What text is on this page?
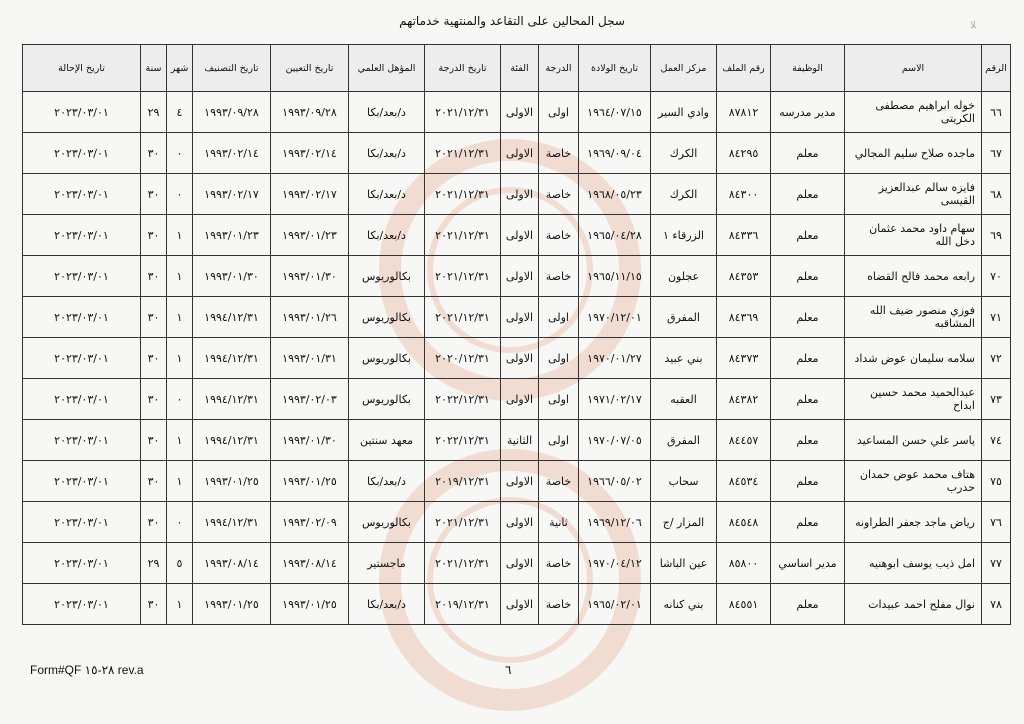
سجل المحالين على التقاعد والمنتهية خدماتهم	ﻼ
الرقم	الاسم	الوظيفة	رقم الملف	مركز العمل	تاريخ الولادة	الدرجة	الفئة	تاريخ الدرجة	المؤهل العلمي	تاريخ التعيين	تاريخ التصنيف	شهر	سنة	تاريخ الإحالة
٦٦	خوله ابراهيم مصطفى الكريتى	مدير مدرسه	٨٧٨١٢	وادي السير	١٩٦٤/٠٧/١٥	اولى	الاولى	٢٠٢١/١٢/٣١	د/بعد/بكا	١٩٩٣/٠٩/٢٨	١٩٩٣/٠٩/٢٨	٤	٢٩	٢٠٢٣/٠٣/٠١
٦٧	ماجده صلاح سليم المجالي	معلم	٨٤٢٩٥	الكرك	١٩٦٩/٠٩/٠٤	خاصة	الاولى	٢٠٢١/١٢/٣١	د/بعد/بكا	١٩٩٣/٠٢/١٤	١٩٩٣/٠٢/١٤	٠	٣٠	٢٠٢٣/٠٣/٠١
٦٨	فايزه سالم عبدالعزيز القيسى	معلم	٨٤٣٠٠	الكرك	١٩٦٨/٠٥/٢٣	خاصة	الاولى	٢٠٢١/١٢/٣١	د/بعد/بكا	١٩٩٣/٠٢/١٧	١٩٩٣/٠٢/١٧	٠	٣٠	٢٠٢٣/٠٣/٠١
٦٩	سهام داود محمد عثمان دخل الله	معلم	٨٤٣٣٦	الزرقاء ١	١٩٦٥/٠٤/٢٨	خاصة	الاولى	٢٠٢١/١٢/٣١	د/بعد/بكا	١٩٩٣/٠١/٢٣	١٩٩٣/٠١/٢٣	١	٣٠	٢٠٢٣/٠٣/٠١
٧٠	رابعه محمد فالح القضاه	معلم	٨٤٣٥٣	عجلون	١٩٦٥/١١/١٥	خاصة	الاولى	٢٠٢١/١٢/٣١	بكالوريوس	١٩٩٣/٠١/٣٠	١٩٩٣/٠١/٣٠	١	٣٠	٢٠٢٣/٠٣/٠١
٧١	فوزي منصور ضيف الله المشاقبه	معلم	٨٤٣٦٩	المفرق	١٩٧٠/١٢/٠١	اولى	الاولى	٢٠٢١/١٢/٣١	بكالوريوس	١٩٩٣/٠١/٢٦	١٩٩٤/١٢/٣١	١	٣٠	٢٠٢٣/٠٣/٠١
٧٢	سلامه سليمان عوض شداد	معلم	٨٤٣٧٣	بني عبيد	١٩٧٠/٠١/٢٧	اولى	الاولى	٢٠٢٠/١٢/٣١	بكالوريوس	١٩٩٣/٠١/٣١	١٩٩٤/١٢/٣١	١	٣٠	٢٠٢٣/٠٣/٠١
٧٣	عبدالحميد محمد حسين ابداح	معلم	٨٤٣٨٢	العقبه	١٩٧١/٠٢/١٧	اولى	الاولى	٢٠٢٢/١٢/٣١	بكالوريوس	١٩٩٣/٠٢/٠٣	١٩٩٤/١٢/٣١	٠	٣٠	٢٠٢٣/٠٣/٠١
٧٤	ياسر علي حسن المساعيد	معلم	٨٤٤٥٧	المفرق	١٩٧٠/٠٧/٠٥	اولى	الثانية	٢٠٢٢/١٢/٣١	معهد سنتين	١٩٩٣/٠١/٣٠	١٩٩٤/١٢/٣١	١	٣٠	٢٠٢٣/٠٣/٠١
٧٥	هتاف محمد عوض حمدان حدرب	معلم	٨٤٥٣٤	سحاب	١٩٦٦/٠٥/٠٢	خاصة	الاولى	٢٠١٩/١٢/٣١	د/بعد/بكا	١٩٩٣/٠١/٢٥	١٩٩٣/٠١/٢٥	١	٣٠	٢٠٢٣/٠٣/٠١
٧٦	رياض ماجد جعفر الطراونه	معلم	٨٤٥٤٨	المزار /ج	١٩٦٩/١٢/٠٦	ثانية	الاولى	٢٠٢١/١٢/٣١	بكالوريوس	١٩٩٣/٠٢/٠٩	١٩٩٤/١٢/٣١	٠	٣٠	٢٠٢٣/٠٣/٠١
٧٧	امل ذيب يوسف ابوهنيه	مدير اساسي	٨٥٨٠٠	عين الباشا	١٩٧٠/٠٤/١٢	خاصة	الاولى	٢٠٢١/١٢/٣١	ماجستير	١٩٩٣/٠٨/١٤	١٩٩٣/٠٨/١٤	٥	٢٩	٢٠٢٣/٠٣/٠١
٧٨	نوال مفلح احمد عبيدات	معلم	٨٤٥٥١	بني كنانه	١٩٦٥/٠٢/٠١	خاصة	الاولى	٢٠١٩/١٢/٣١	د/بعد/بكا	١٩٩٣/٠١/٢٥	١٩٩٣/٠١/٢٥	١	٣٠	٢٠٢٣/٠٣/٠١
Form#QF ٢٨-١٥ rev.a	٦
